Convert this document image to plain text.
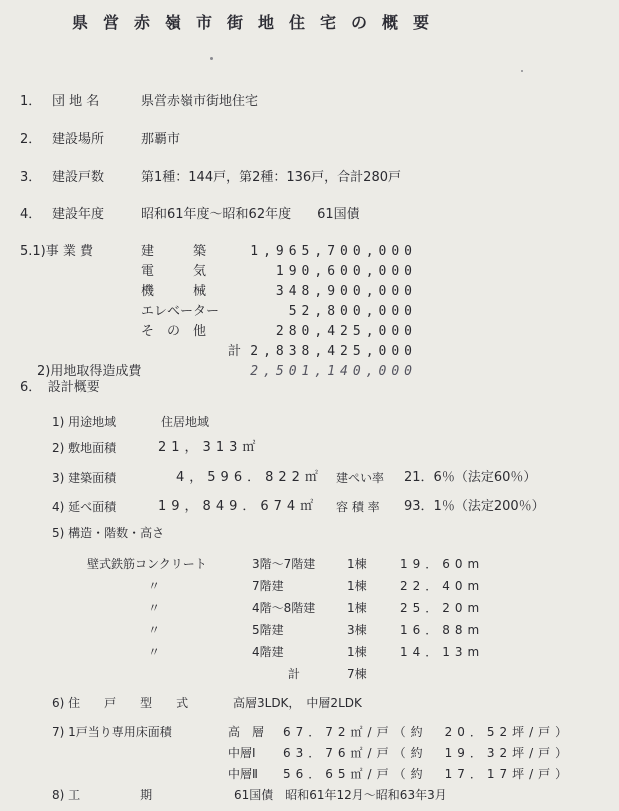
県営赤嶺市街地住宅の概要
1． 団 地 名	県営赤嶺市街地住宅
2． 建設場所	那覇市
3． 建設戸数	第1種：144戸，第2種：136戸，合計280戸
4． 建設年度	昭和61年度～昭和62年度　　61国債
5.1)事 業 費	建　　　築	1,965,700,000
電　　　気	190,600,000
機　　　械	348,900,000
エレベーター	52,800,000
そ　の　他	280,425,000
計 2,838,425,000
2)用地取得造成費	2,501,140,000
6．　設計概要
1) 用途地域	住居地域
2) 敷地面積	21，313㎡
3) 建築面積	4，596．822㎡ 建ぺい率 21．6％（法定60％）
4) 延べ面積	19，849．674㎡ 容 積 率 93．1％（法定200％）
5) 構造・階数・高さ
壁式鉄筋コンクリート	3階～7階建	1棟	19．60m
〃	7階建	1棟	22．40m
〃	4階～8階建	1棟	25．20m
〃	5階建	3棟	16．88m
〃	4階建	1棟	14．13m
計	7棟
6) 住　　戸　　型　　式	高層3LDK，　中層2LDK
7) 1戸当り専用床面積	高　層 67．72㎡/戸（約　20．52坪/戸）
中層Ⅰ 63．76㎡/戸（約　19．32坪/戸）
中層Ⅱ 56．65㎡/戸（約　17．17坪/戸）
8) 工　　　　　期	61国債　昭和61年12月～昭和63年3月
